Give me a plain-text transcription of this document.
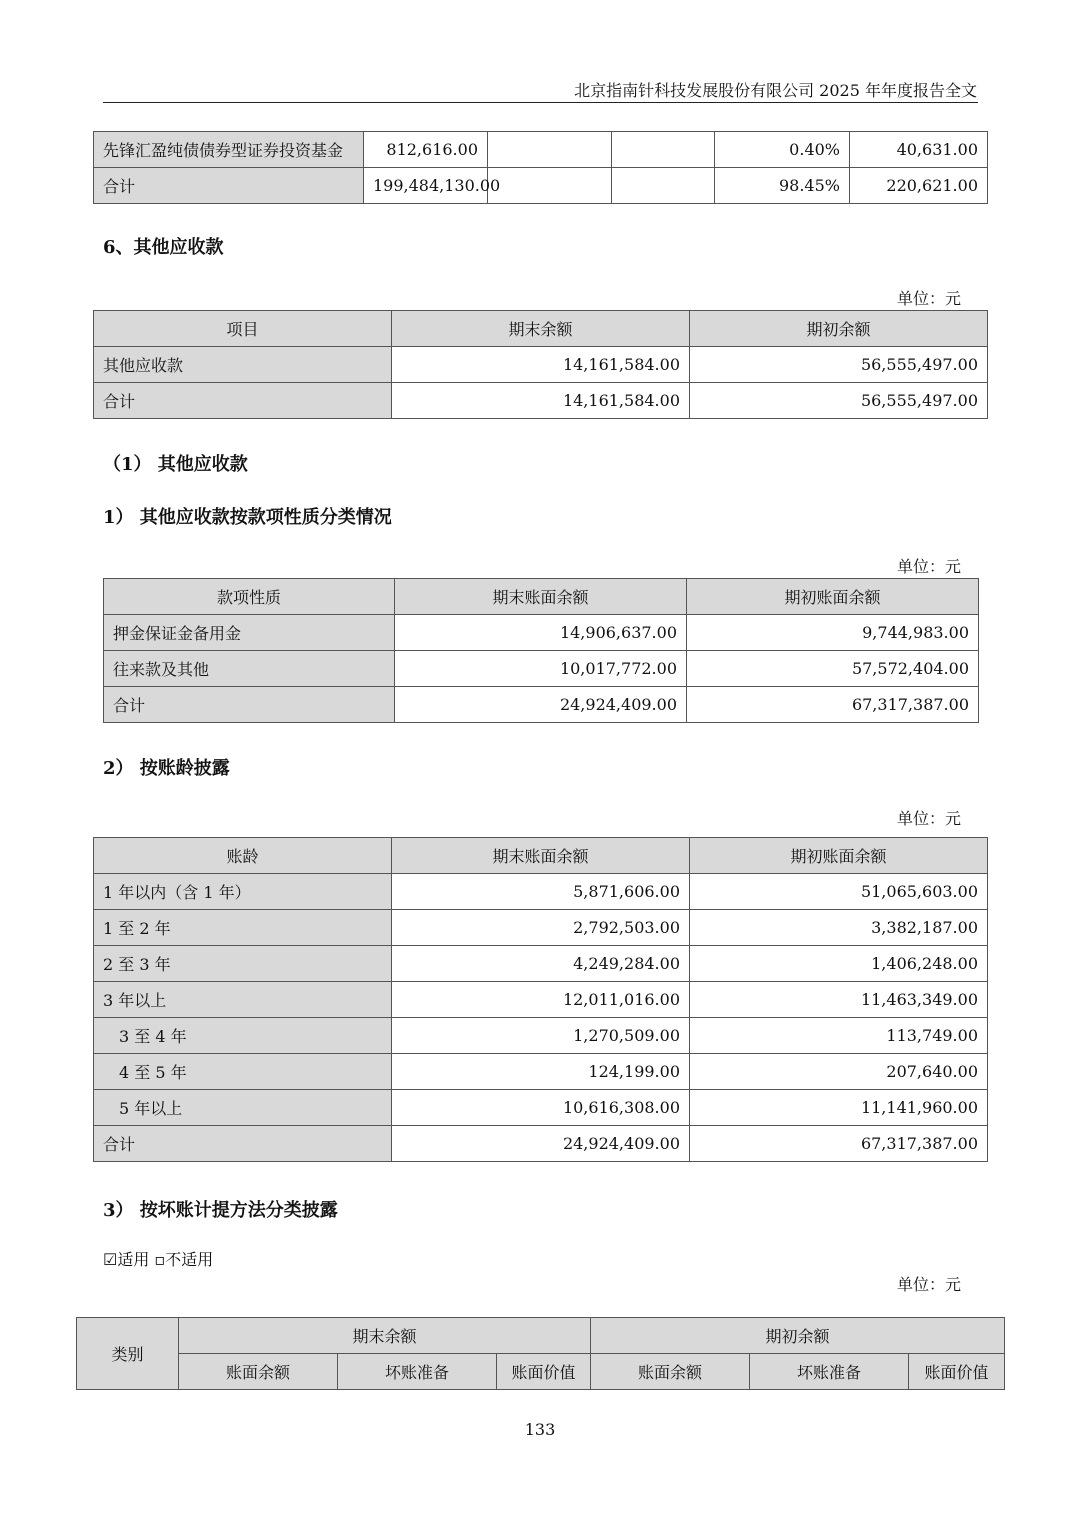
北京指南针科技发展股份有限公司 2025 年年度报告全文
先锋汇盈纯债债券型证券投资基金	812,616.00			0.40%	40,631.00
合计	199,484,130.00			98.45%	220,621.00
6、其他应收款
单位：元
项目	期末余额	期初余额
其他应收款	14,161,584.00	56,555,497.00
合计	14,161,584.00	56,555,497.00
（1） 其他应收款
1） 其他应收款按款项性质分类情况
单位：元
款项性质	期末账面余额	期初账面余额
押金保证金备用金	14,906,637.00	9,744,983.00
往来款及其他	10,017,772.00	57,572,404.00
合计	24,924,409.00	67,317,387.00
2） 按账龄披露
单位：元
账龄	期末账面余额	期初账面余额
1 年以内（含 1 年）	5,871,606.00	51,065,603.00
1 至 2 年	2,792,503.00	3,382,187.00
2 至 3 年	4,249,284.00	1,406,248.00
3 年以上	12,011,016.00	11,463,349.00
3 至 4 年	1,270,509.00	113,749.00
4 至 5 年	124,199.00	207,640.00
5 年以上	10,616,308.00	11,141,960.00
合计	24,924,409.00	67,317,387.00
3） 按坏账计提方法分类披露
☑适用 ▫不适用
单位：元
类别	期末余额			期初余额		
	账面余额	坏账准备	账面价值	账面余额	坏账准备	账面价值
133
